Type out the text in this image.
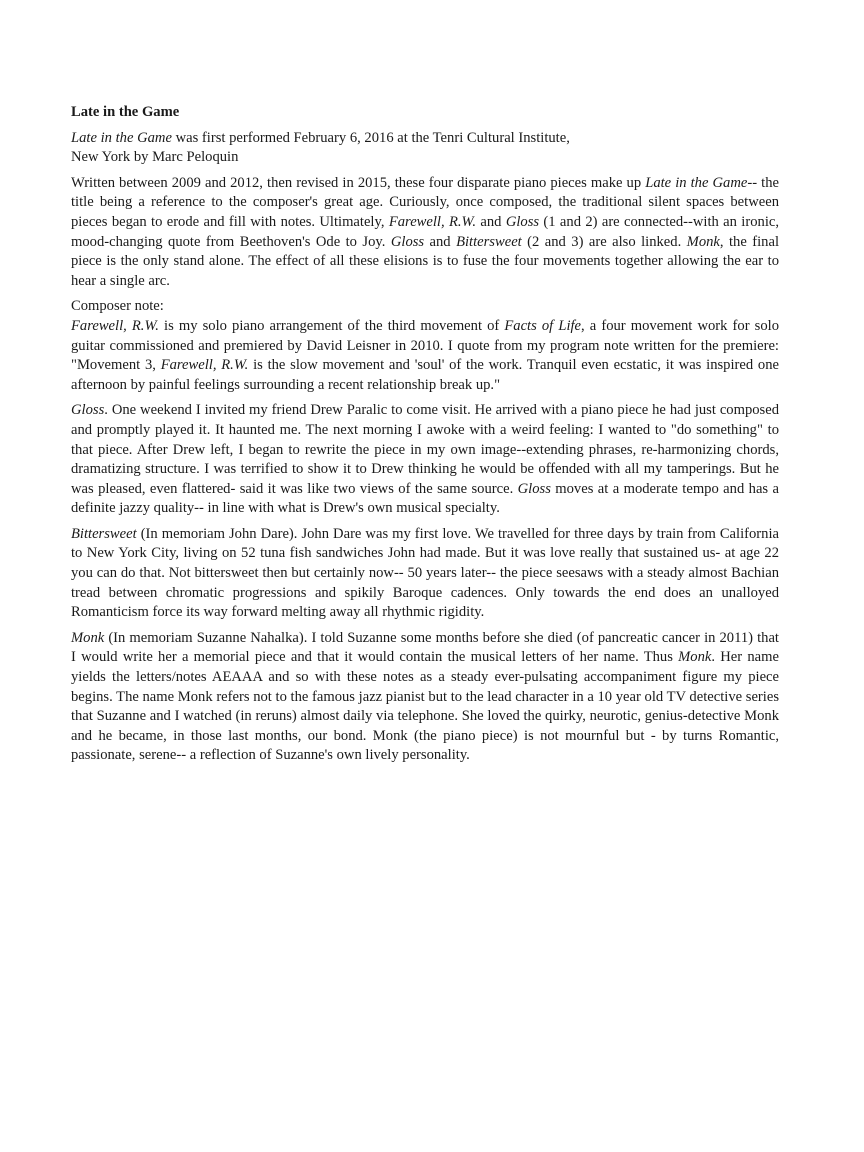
Late in the Game

Late in the Game was first performed February 6, 2016 at the Tenri Cultural Institute,
New York by Marc Peloquin

Written between 2009 and 2012, then revised in 2015, these four disparate piano pieces make up Late in the Game-- the title being a reference to the composer's great age. Curiously, once composed, the traditional silent spaces between pieces began to erode and fill with notes. Ultimately, Farewell, R.W. and Gloss (1 and 2) are connected--with an ironic, mood-changing quote from Beethoven's Ode to Joy. Gloss and Bittersweet (2 and 3) are also linked. Monk, the final piece is the only stand alone. The effect of all these elisions is to fuse the four movements together allowing the ear to hear a single arc.

Composer note:
Farewell, R.W. is my solo piano arrangement of the third movement of Facts of Life, a four movement work for solo guitar commissioned and premiered by David Leisner in 2010. I quote from my program note written for the premiere: "Movement 3, Farewell, R.W. is the slow movement and 'soul' of the work. Tranquil even ecstatic, it was inspired one afternoon by painful feelings surrounding a recent relationship break up."

Gloss. One weekend I invited my friend Drew Paralic to come visit. He arrived with a piano piece he had just composed and promptly played it. It haunted me. The next morning I awoke with a weird feeling: I wanted to "do something" to that piece. After Drew left, I began to rewrite the piece in my own image--extending phrases, re-harmonizing chords, dramatizing structure. I was terrified to show it to Drew thinking he would be offended with all my tamperings. But he was pleased, even flattered- said it was like two views of the same source. Gloss moves at a moderate tempo and has a definite jazzy quality-- in line with what is Drew's own musical specialty.

Bittersweet (In memoriam John Dare). John Dare was my first love. We travelled for three days by train from California to New York City, living on 52 tuna fish sandwiches John had made. But it was love really that sustained us- at age 22 you can do that. Not bittersweet then but certainly now-- 50 years later-- the piece seesaws with a steady almost Bachian tread between chromatic progressions and spikily Baroque cadences. Only towards the end does an unalloyed Romanticism force its way forward melting away all rhythmic rigidity.

Monk (In memoriam Suzanne Nahalka). I told Suzanne some months before she died (of pancreatic cancer in 2011) that I would write her a memorial piece and that it would contain the musical letters of her name. Thus Monk. Her name yields the letters/notes AEAAA and so with these notes as a steady ever-pulsating accompaniment figure my piece begins. The name Monk refers not to the famous jazz pianist but to the lead character in a 10 year old TV detective series that Suzanne and I watched (in reruns) almost daily via telephone. She loved the quirky, neurotic, genius-detective Monk and he became, in those last months, our bond. Monk (the piano piece) is not mournful but - by turns Romantic, passionate, serene-- a reflection of Suzanne's own lively personality.
